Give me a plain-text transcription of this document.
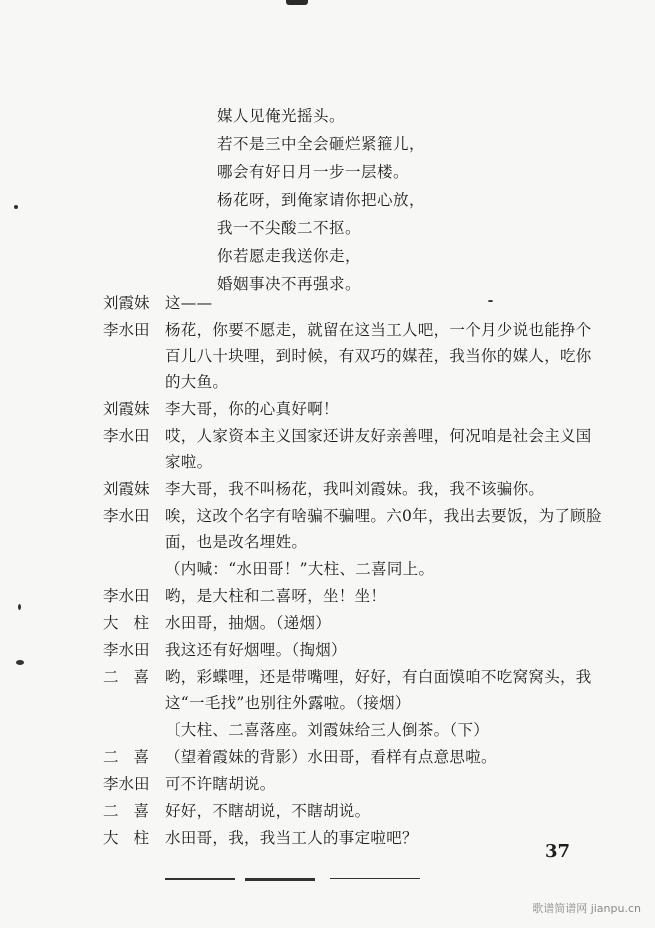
媒人见俺光摇头。
若不是三中全会砸烂紧箍儿，
哪会有好日月一步一层楼。
杨花呀，到俺家请你把心放，
我一不尖酸二不抠。
你若愿走我送你走，
婚姻事决不再强求。
刘霞妹 这——
李水田 杨花，你要不愿走，就留在这当工人吧，一个月少说也能挣个百儿八十块哩，到时候，有双巧的媒茬，我当你的媒人，吃你的大鱼。
刘霞妹 李大哥，你的心真好啊！
李水田 哎，人家资本主义国家还讲友好亲善哩，何况咱是社会主义国家啦。
刘霞妹 李大哥，我不叫杨花，我叫刘霞妹。我，我不该骗你。
李水田 唉，这改个名字有啥骗不骗哩。六0年，我出去要饭，为了顾脸面，也是改名埋姓。
（内喊：“水田哥！”大柱、二喜同上。
李水田 哟，是大柱和二喜呀，坐！坐！
大柱 水田哥，抽烟。（递烟）
李水田 我这还有好烟哩。（掏烟）
二喜 哟，彩蝶哩，还是带嘴哩，好好，有白面馍咱不吃窝窝头，我这“一毛找”也别往外露啦。（接烟）
〔大柱、二喜落座。刘霞妹给三人倒茶。（下）
二喜 （望着霞妹的背影）水田哥，看样有点意思啦。
李水田 可不许瞎胡说。
二喜 好好，不瞎胡说，不瞎胡说。
大柱 水田哥，我，我当工人的事定啦吧？
37
歌谱简谱网 jianpu.cn
